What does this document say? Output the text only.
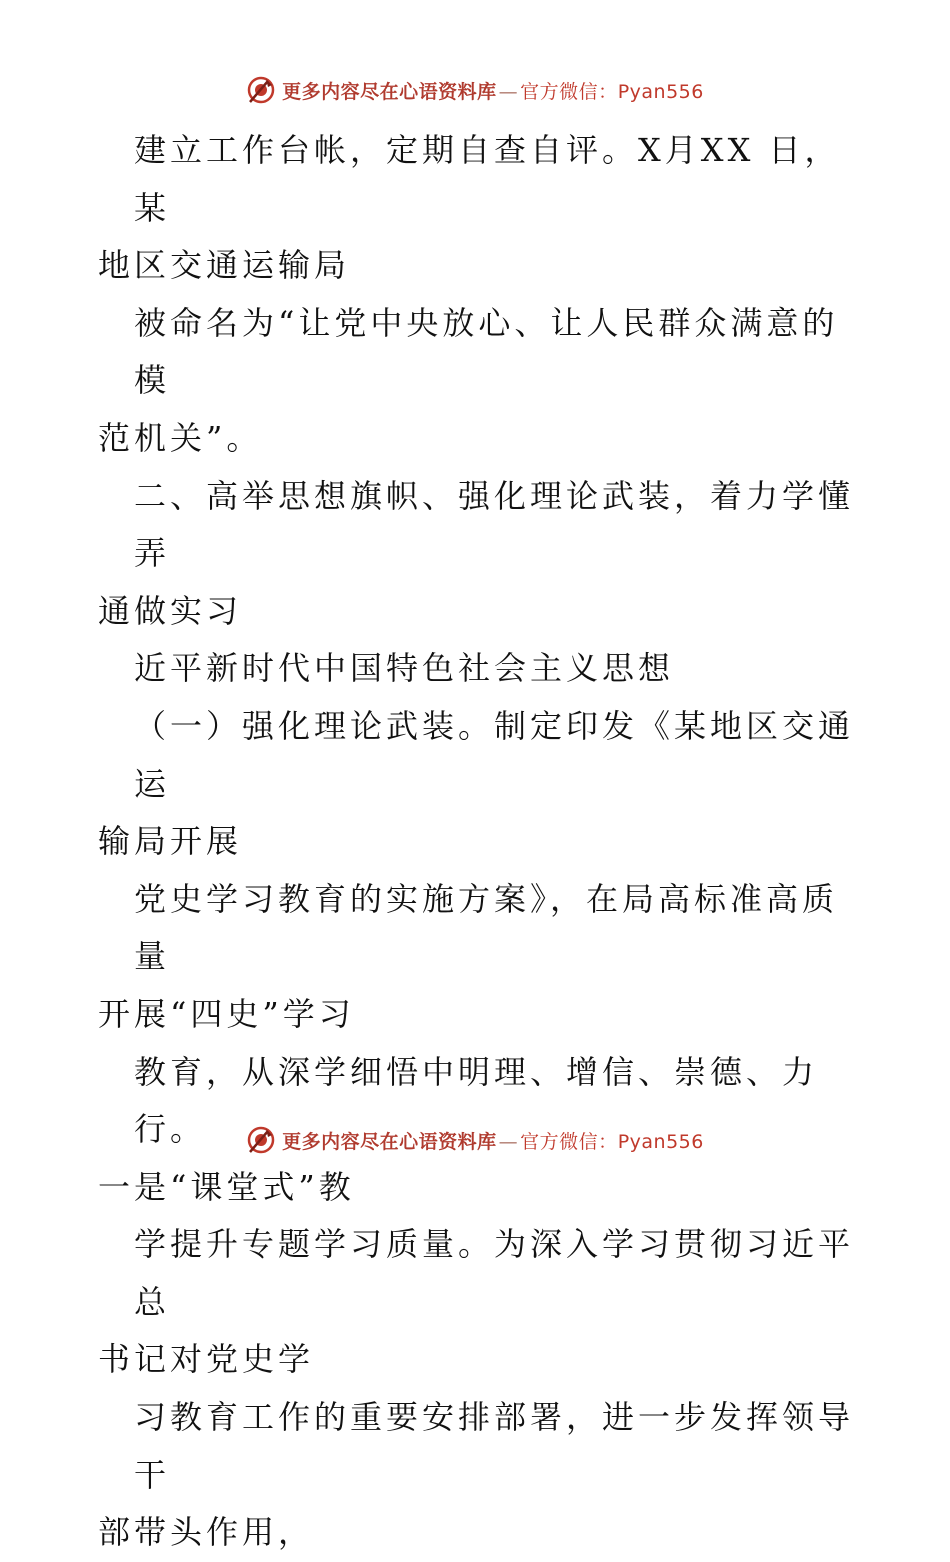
更多内容尽在心语资料库 — 官方微信：Pyan556

建立工作台帐，定期自查自评。X月XX 日，某

地区交通运输局

被命名为“让党中央放心、让人民群众满意的模

范机关”。

二、高举思想旗帜、强化理论武装，着力学懂弄

通做实习

近平新时代中国特色社会主义思想

（一）强化理论武装。制定印发《某地区交通运

输局开展

党史学习教育的实施方案》，在局高标准高质量

开展“四史”学习

教育，从深学细悟中明理、增信、崇德、力行。

一是“课堂式”教

学提升专题学习质量。为深入学习贯彻习近平总

书记对党史学

习教育工作的重要安排部署，进一步发挥领导干

部带头作用，

更多内容尽在心语资料库 — 官方微信：Pyan556
